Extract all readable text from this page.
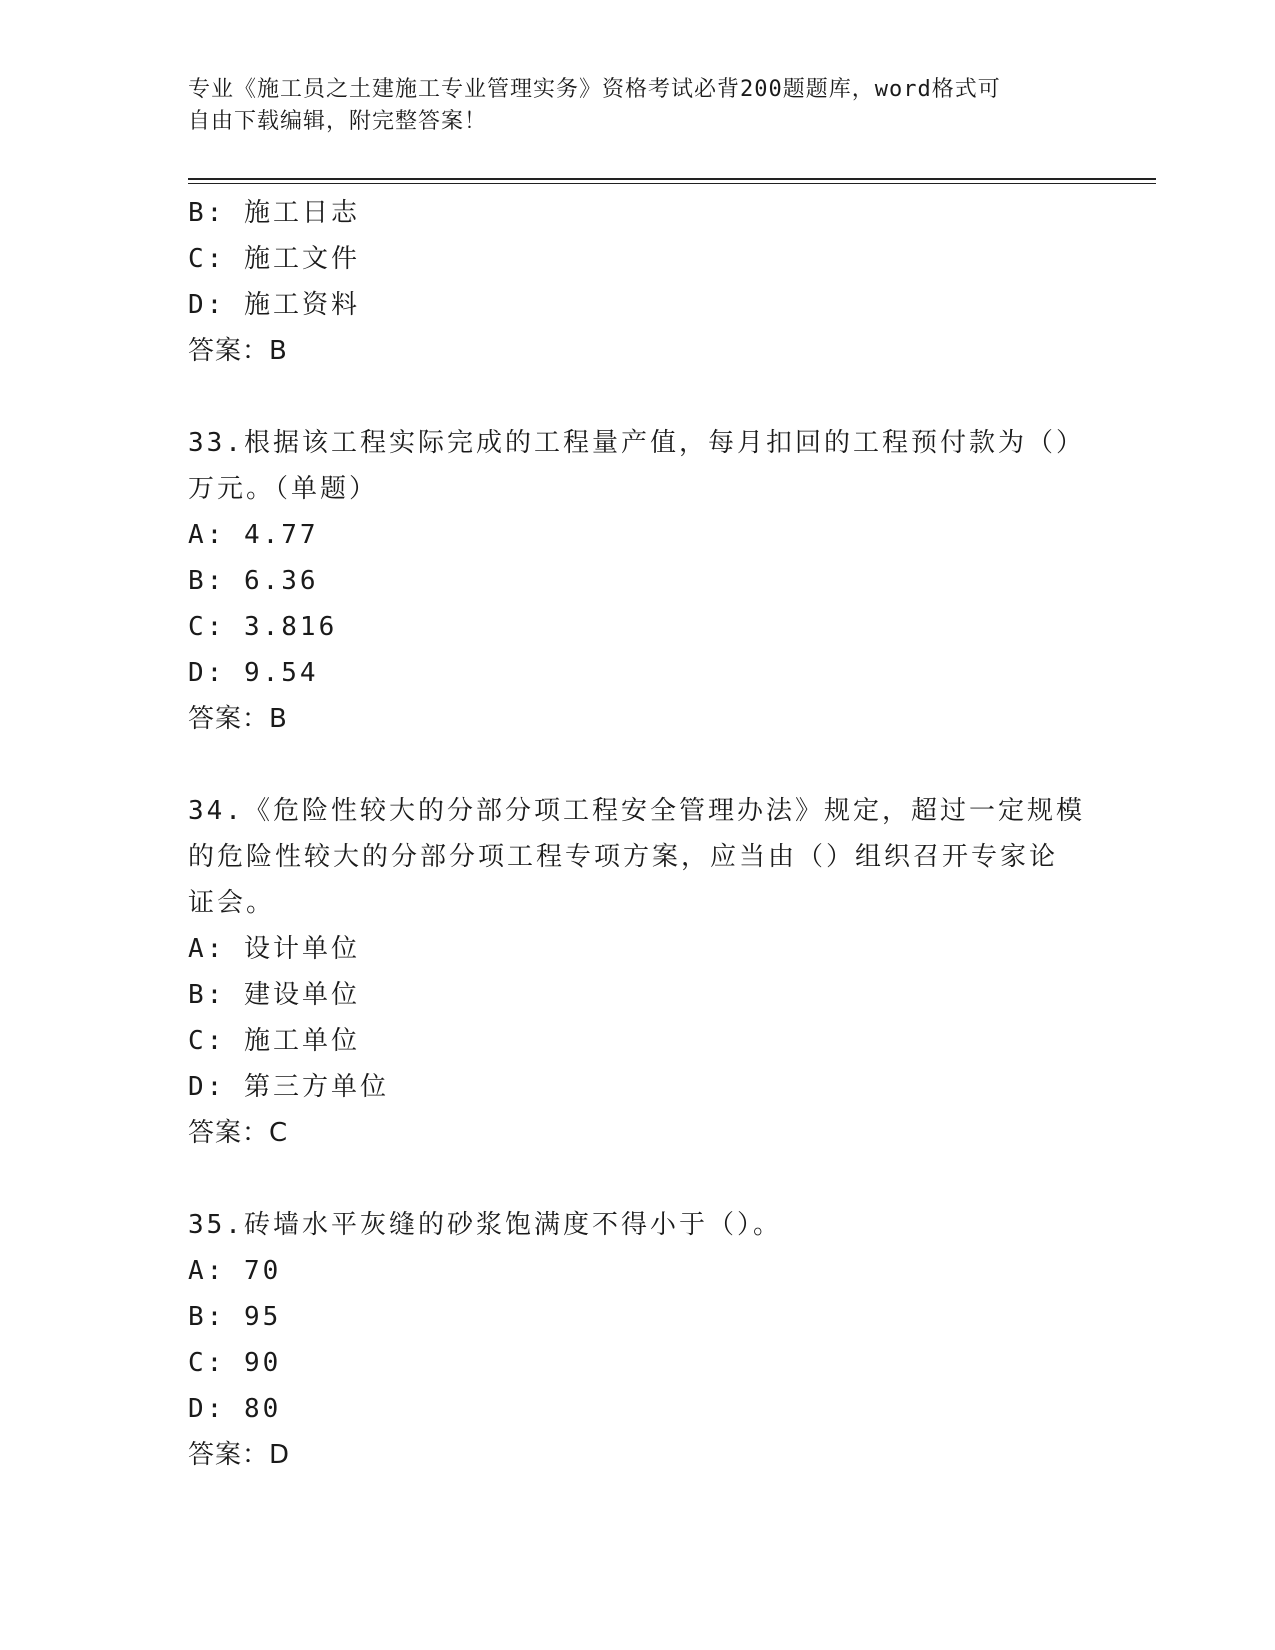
专业《施工员之土建施工专业管理实务》资格考试必背200题题库，word格式可
自由下载编辑，附完整答案！
B: 施工日志
C: 施工文件
D: 施工资料
答案：B
33.根据该工程实际完成的工程量产值，每月扣回的工程预付款为（）
万元。（单题）
A: 4.77
B: 6.36
C: 3.816
D: 9.54
答案：B
34.《危险性较大的分部分项工程安全管理办法》规定，超过一定规模
的危险性较大的分部分项工程专项方案，应当由（）组织召开专家论
证会。
A: 设计单位
B: 建设单位
C: 施工单位
D: 第三方单位
答案：C
35.砖墙水平灰缝的砂浆饱满度不得小于（）。
A: 70
B: 95
C: 90
D: 80
答案：D
